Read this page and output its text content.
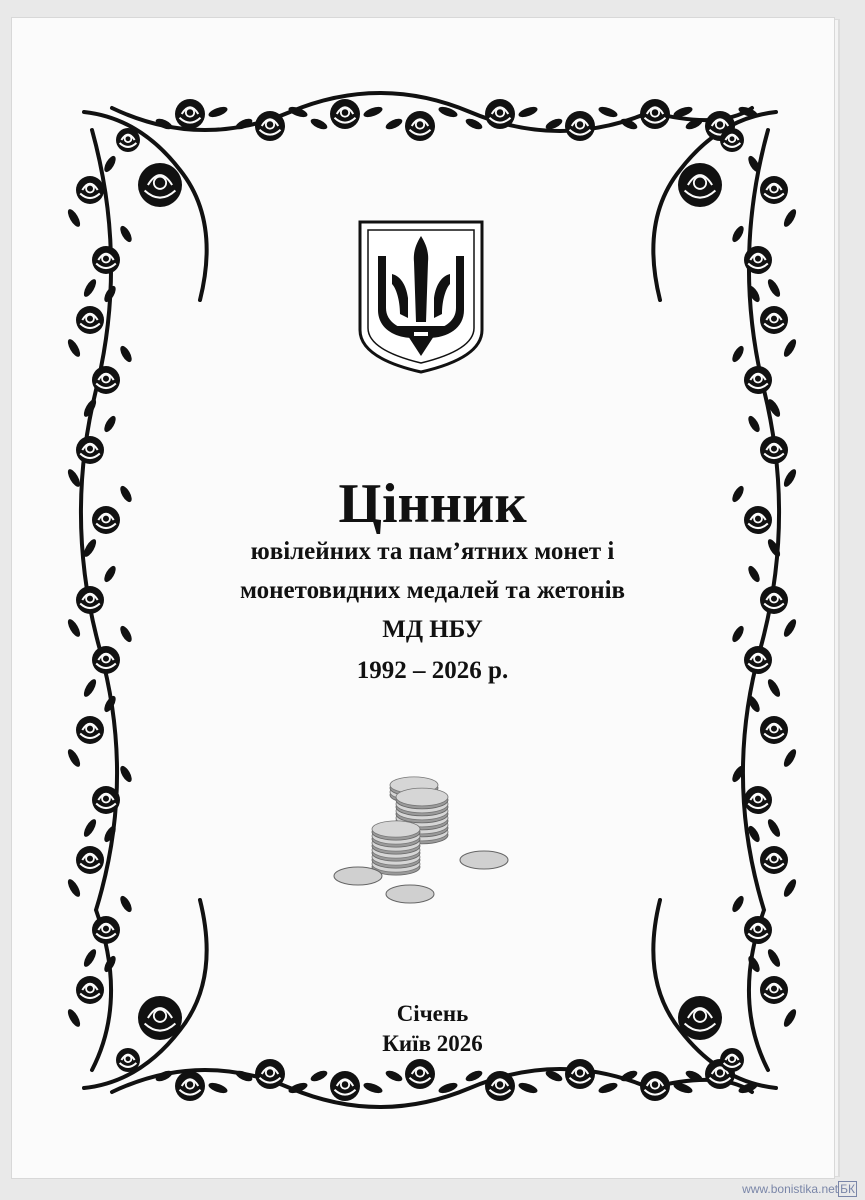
Цінник
ювілейних та пам’ятних монет і
монетовидних медалей та жетонів
МД НБУ
1992 – 2026 р.
Січень
Київ 2026
www.bonistika.net БК
